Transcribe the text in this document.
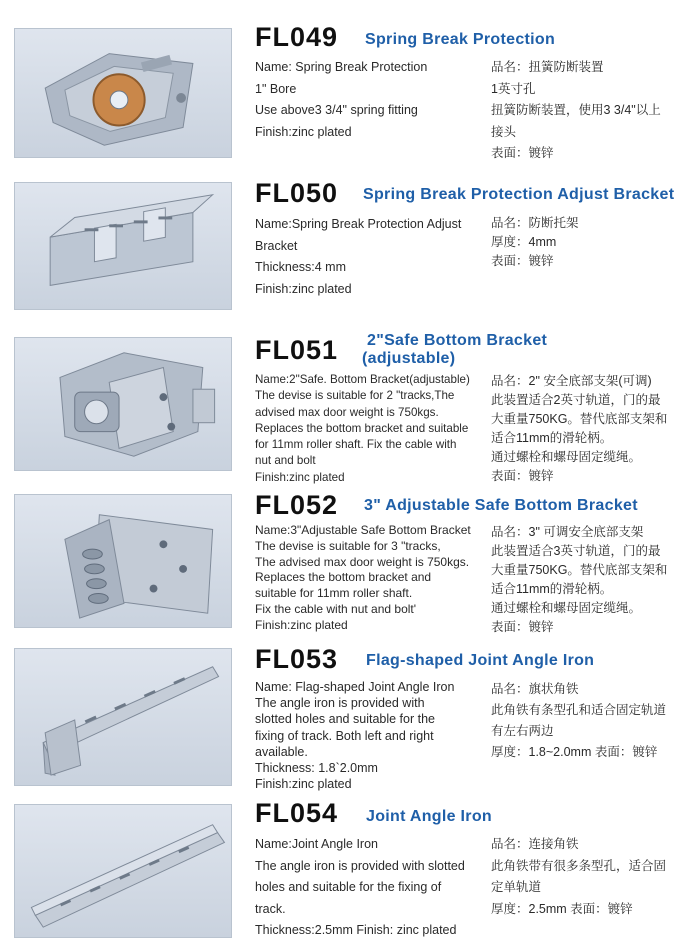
FL049 Spring Break Protection
Name: Spring Break Protection
1" Bore
Use above3 3/4" spring fitting
Finish:zinc plated
品名：扭簧防断装置
1英寸孔
扭簧防断装置，使用3 3/4"以上
接头
表面：镀锌
FL050 Spring Break Protection Adjust Bracket
Name:Spring Break Protection Adjust
Bracket
Thickness:4 mm
Finish:zinc plated
品名：防断托架
厚度：4mm
表面：镀锌
FL051 2"Safe Bottom Bracket
(adjustable)
Name:2"Safe. Bottom Bracket(adjustable)
The devise is suitable for 2 "tracks,The
advised max door weight is 750kgs.
Replaces the bottom bracket and suitable
for 11mm roller shaft. Fix the cable with
nut and bolt
Finish:zinc plated
品名：2" 安全底部支架(可调)
此装置适合2英寸轨道，门的最
大重量750KG。替代底部支架和
适合11mm的滑轮柄。
通过螺栓和螺母固定缆绳。
表面：镀锌
FL052 3" Adjustable Safe Bottom Bracket
Name:3"Adjustable Safe Bottom Bracket
The devise is suitable for 3 "tracks,
The advised max door weight is 750kgs.
Replaces the bottom bracket and
suitable for 11mm roller shaft.
Fix the cable with nut and bolt'
Finish:zinc plated
品名：3" 可调安全底部支架
此装置适合3英寸轨道，门的最
大重量750KG。替代底部支架和
适合11mm的滑轮柄。
通过螺栓和螺母固定缆绳。
表面：镀锌
FL053 Flag-shaped Joint Angle Iron
Name: Flag-shaped Joint Angle Iron
The angle iron is provided with
slotted holes and suitable for the
fixing of track. Both left and right
available.
Thickness: 1.8`2.0mm
Finish:zinc plated
品名：旗状角铁
此角铁有条型孔和适合固定轨道
有左右两边
厚度：1.8~2.0mm 表面：镀锌
FL054 Joint Angle Iron
Name:Joint Angle Iron
The angle iron is provided with slotted
holes and suitable for the fixing of
track.
Thickness:2.5mm Finish: zinc plated
品名：连接角铁
此角铁带有很多条型孔，适合固
定单轨道
厚度：2.5mm 表面：镀锌
